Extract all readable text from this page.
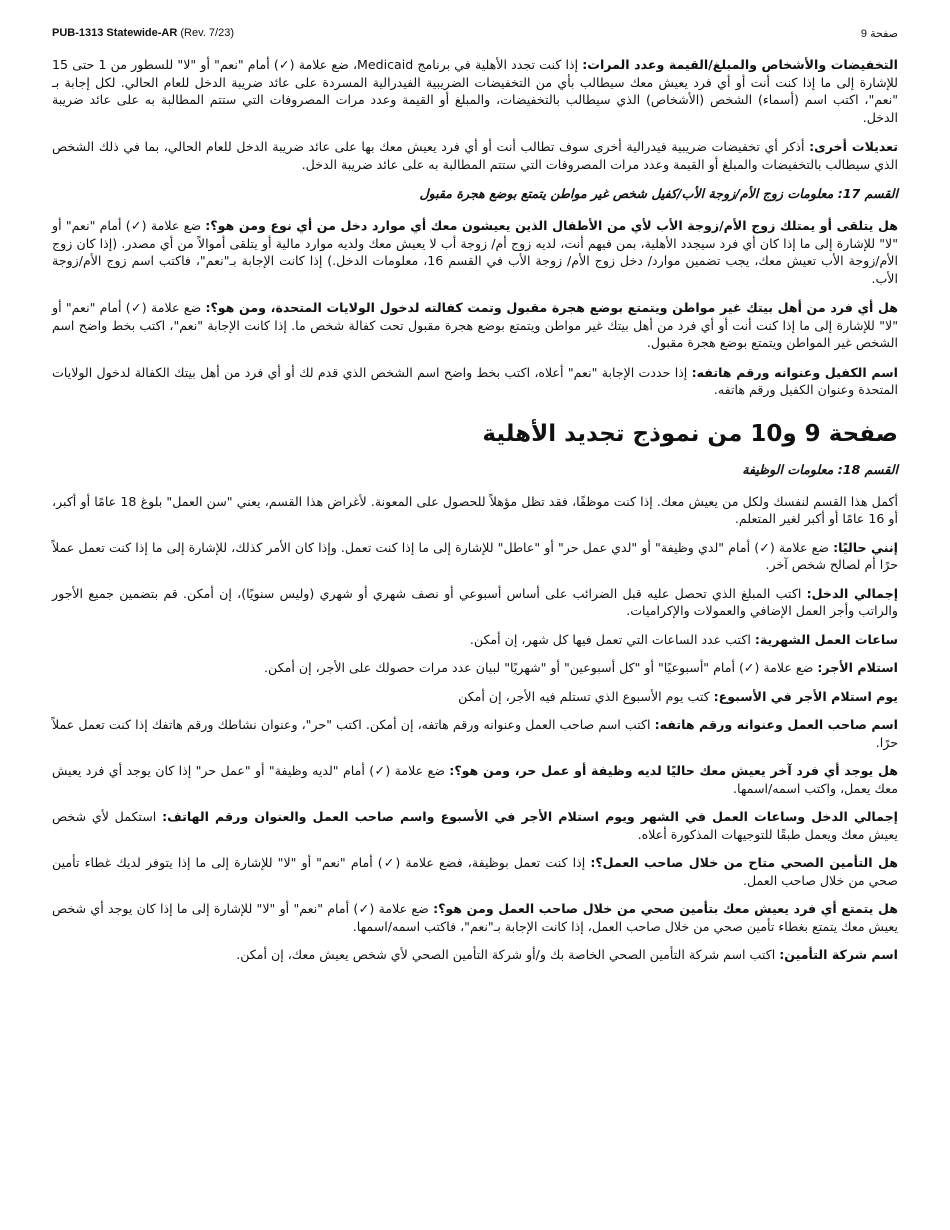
PUB-1313 Statewide-AR (Rev. 7/23)	صفحة 9

التخفيضات والأشخاص والمبلغ/القيمة وعدد المرات: إذا كنت تجدد الأهلية في برنامج Medicaid، ضع علامة (✓) أمام "نعم" أو "لا" للسطور من 1 حتى 15 للإشارة إلى ما إذا كنت أنت أو أي فرد يعيش معك سيطالب بأي من التخفيضات الضريبية الفيدرالية المسردة على عائد ضريبة الدخل للعام الحالي. لكل إجابة بـ "نعم"، اكتب اسم (أسماء) الشخص (الأشخاص) الذي سيطالب بالتخفيضات، والمبلغ أو القيمة وعدد مرات المصروفات التي ستتم المطالبة به على عائد ضريبة الدخل.

تعديلات أخرى: أذكر أي تخفيضات ضريبية فيدرالية أخرى سوف تطالب أنت أو أي فرد يعيش معك بها على عائد ضريبة الدخل للعام الحالي، بما في ذلك الشخص الذي سيطالب بالتخفيضات والمبلغ أو القيمة وعدد مرات المصروفات التي ستتم المطالبة به على عائد ضريبة الدخل.

القسم 17: معلومات زوج الأم/زوجة الأب/كفيل شخص غير مواطن يتمتع بوضع هجرة مقبول

هل يتلقى أو يمتلك زوج الأم/زوجة الأب لأي من الأطفال الذين يعيشون معك أي موارد دخل من أي نوع ومن هو؟: ضع علامة (✓) أمام "نعم" أو "لا" للإشارة إلى ما إذا كان أي فرد سيجدد الأهلية، بمن فيهم أنت، لديه زوج أم/ زوجة أب لا يعيش معك ولديه موارد مالية أو يتلقى أموالاً من أي مصدر. (إذا كان زوج الأم/زوجة الأب تعيش معك، يجب تضمين موارد/ دخل زوج الأم/ زوجة الأب في القسم 16، معلومات الدخل.) إذا كانت الإجابة بـ"نعم"، فاكتب اسم زوج الأم/زوجة الأب.

هل أي فرد من أهل بيتك غير مواطن ويتمتع بوضع هجرة مقبول وتمت كفالته لدخول الولايات المتحدة، ومن هو؟: ضع علامة (✓) أمام "نعم" أو "لا" للإشارة إلى ما إذا كنت أنت أو أي فرد من أهل بيتك غير مواطن ويتمتع بوضع هجرة مقبول تحت كفالة شخص ما. إذا كانت الإجابة "نعم"، اكتب بخط واضح اسم الشخص غير المواطن ويتمتع بوضع هجرة مقبول.

اسم الكفيل وعنوانه ورقم هاتفه: إذا حددت الإجابة "نعم" أعلاه، اكتب بخط واضح اسم الشخص الذي قدم لك أو أي فرد من أهل بيتك الكفالة لدخول الولايات المتحدة وعنوان الكفيل ورقم هاتفه.

صفحة 9 و10 من نموذج تجديد الأهلية
القسم 18: معلومات الوظيفة

أكمل هذا القسم لنفسك ولكل من يعيش معك. إذا كنت موظفًا، فقد تظل مؤهلاً للحصول على المعونة. لأغراض هذا القسم، يعني "سن العمل" بلوغ 18 عامًا أو أكبر، أو 16 عامًا أو أكبر لغير المتعلم.

إنني حاليًا: ضع علامة (✓) أمام "لدي وظيفة" أو "لدي عمل حر" أو "عاطل" للإشارة إلى ما إذا كنت تعمل. وإذا كان الأمر كذلك، للإشارة إلى ما إذا كنت تعمل عملاً حرًا أم لصالح شخص آخر.

إجمالي الدخل: اكتب المبلغ الذي تحصل عليه قبل الضرائب على أساس أسبوعي أو نصف شهري أو شهري (وليس سنويًا)، إن أمكن. قم بتضمين جميع الأجور والراتب وأجر العمل الإضافي والعمولات والإكراميات.

ساعات العمل الشهرية: اكتب عدد الساعات التي تعمل فيها كل شهر، إن أمكن.

استلام الأجر: ضع علامة (✓) أمام "أسبوعيًا" أو "كل أسبوعين" أو "شهريًا" لبيان عدد مرات حصولك على الأجر، إن أمكن.

يوم استلام الأجر في الأسبوع: كتب يوم الأسبوع الذي تستلم فيه الأجر، إن أمكن

اسم صاحب العمل وعنوانه ورقم هاتفه: اكتب اسم صاحب العمل وعنوانه ورقم هاتفه، إن أمكن. اكتب "حر"، وعنوان نشاطك ورقم هاتفك إذا كنت تعمل عملاً حرًا.

هل يوجد أي فرد آخر يعيش معك حاليًا لديه وظيفة أو عمل حر، ومن هو؟: ضع علامة (✓) أمام "لديه وظيفة" أو "عمل حر" إذا كان يوجد أي فرد يعيش معك يعمل، واكتب اسمه/اسمها.

إجمالي الدخل وساعات العمل في الشهر ويوم استلام الأجر في الأسبوع واسم صاحب العمل والعنوان ورقم الهاتف: استكمل لأي شخص يعيش معك ويعمل طبقًا للتوجيهات المذكورة أعلاه.

هل التأمين الصحي متاح من خلال صاحب العمل؟: إذا كنت تعمل بوظيفة، فضع علامة (✓) أمام "نعم" أو "لا" للإشارة إلى ما إذا يتوفر لديك غطاء تأمين صحي من خلال صاحب العمل.

هل يتمتع أي فرد يعيش معك بتأمين صحي من خلال صاحب العمل ومن هو؟: ضع علامة (✓) أمام "نعم" أو "لا" للإشارة إلى ما إذا كان يوجد أي شخص يعيش معك يتمتع بغطاء تأمين صحي من خلال صاحب العمل، إذا كانت الإجابة بـ"نعم"، فاكتب اسمه/اسمها.

اسم شركة التأمين: اكتب اسم شركة التأمين الصحي الخاصة بك و/أو شركة التأمين الصحي لأي شخص يعيش معك، إن أمكن.
